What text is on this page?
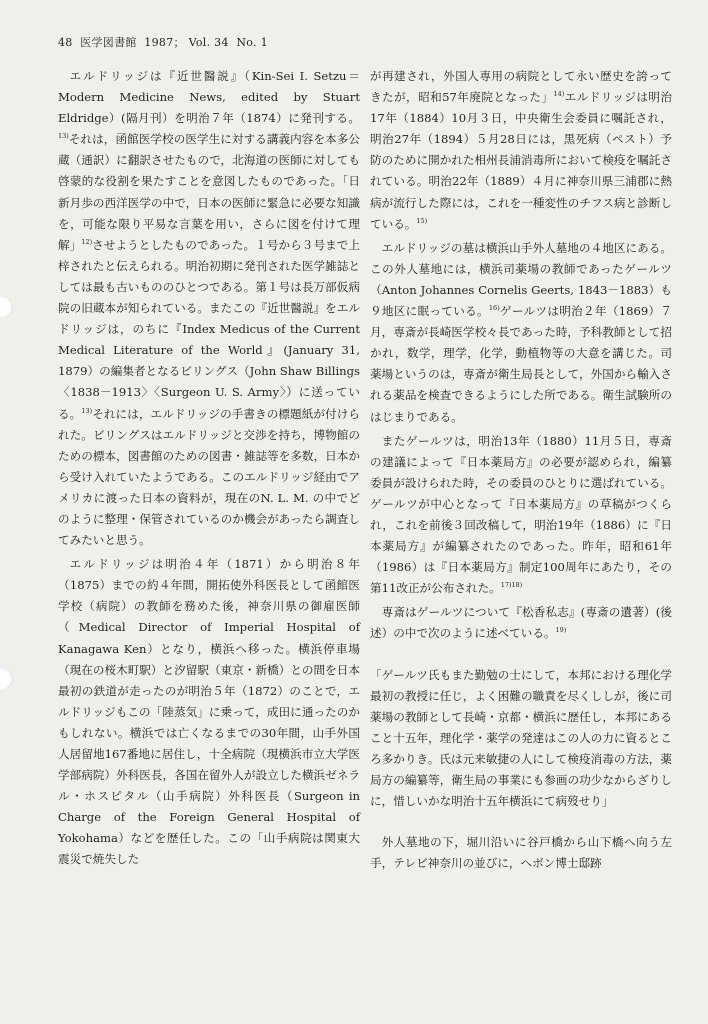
48 医学図書館 1987； Vol. 34 No. 1

エルドリッジは『近世醫説』（Kin-Sei I. Setzu＝Modern Medicine News, edited by Stuart Eldridge）(隔月刊）を明治７年（1874）に発刊する。$^{13)}$それは，函館医学校の医学生に対する講義内容を本多公蔵（通訳）に翻訳させたもので，北海道の医師に対しても啓蒙的な役割を果たすことを意図したものであった。「日新月歩の西洋医学の中で，日本の医師に緊急に必要な知識を，可能な限り平易な言葉を用い，さらに図を付けて理解」$^{12)}$させようとしたものであった。１号から３号まで上梓されたと伝えられる。明治初期に発刊された医学雑誌としては最も古いもののひとつである。第１号は長万部仮病院の旧蔵本が知られている。またこの『近世醫説』をエルドリッジは，のちに『Index Medicus of the Current Medical Literature of the World』(January 31, 1879）の編集者となるビリングス（John Shaw Billings〈1838－1913〉〈Surgeon U. S. Army〉）に送っている。$^{13)}$それには，エルドリッジの手書きの標題紙が付けられた。ビリングスはエルドリッジと交渉を持ち，博物館のための標本，図書館のための図書・雑誌等を多数，日本から受け入れていたようである。このエルドリッジ経由でアメリカに渡った日本の資料が，現在のN. L. M. の中でどのように整理・保管されているのか機会があったら調査してみたいと思う。

エルドリッジは明治４年（1871）から明治８年（1875）までの約４年間，開拓使外科医長として函館医学校（病院）の教師を務めた後，神奈川県の御雇医師（Medical Director of Imperial Hospital of Kanagawa Ken）となり，横浜へ移った。横浜停車場（現在の桜木町駅）と汐留駅（東京・新橋）との間を日本最初の鉄道が走ったのが明治５年（1872）のことで，エルドリッジもこの「陸蒸気」に乗って，成田に通ったのかもしれない。横浜では亡くなるまでの30年間，山手外国人居留地167番地に居住し，十全病院（現横浜市立大学医学部病院）外科医長，各国在留外人が設立した横浜ゼネラル・ホスピタル（山手病院）外科医長（Surgeon in Charge of the Foreign General Hospital of Yokohama）などを歴任した。この「山手病院は関東大震災で焼失した

が再建され，外国人専用の病院として永い歴史を誇ってきたが，昭和57年廃院となった」$^{14)}$エルドリッジは明治17年（1884）10月３日，中央衛生会委員に嘱託され，明治27年（1894）５月28日には，黒死病（ペスト）予防のために開かれた相州長浦消毒所において検疫を嘱託されている。明治22年（1889）４月に神奈川県三浦郡に熱病が流行した際には，これを一種変性のチフス病と診断している。$^{15)}$

エルドリッジの墓は横浜山手外人墓地の４地区にある。この外人墓地には，横浜司薬場の教師であったゲールツ（Anton Johannes Cornelis Geerts, 1843－1883）も９地区に眠っている。$^{16)}$ゲールツは明治２年（1869）７月，専斎が長崎医学校々長であった時，予科教師として招かれ，数学，理学，化学，動植物等の大意を講じた。司薬場というのは，専斎が衛生局長として，外国から輸入される薬品を検査できるようにした所である。衛生試験所のはじまりである。

またゲールツは，明治13年（1880）11月５日，専斎の建議によって『日本薬局方』の必要が認められ，編纂委員が設けられた時，その委員のひとりに選ばれている。ゲールツが中心となって『日本薬局方』の草稿がつくられ，これを前後３回改稿して，明治19年（1886）に『日本薬局方』が編纂されたのであった。昨年，昭和61年（1986）は『日本薬局方』制定100周年にあたり，その第11改正が公布された。$^{17)18)}$

専斎はゲールツについて『松香私志』(専斎の遺著）(後述）の中で次のように述べている。$^{19)}$

「ゲールツ氏もまた勤勉の士にして，本邦における理化学最初の教授に任じ，よく困難の職責を尽くししが，後に司薬場の教師として長崎・京都・横浜に歴任し，本邦にあること十五年，理化学・薬学の発達はこの人の力に資るところ多かりき。氏は元来敏捷の人にして検疫消毒の方法，薬局方の編纂等，衛生局の事業にも参画の功少なからざりしに，惜しいかな明治十五年横浜にて病歿せり」

外人墓地の下，堀川沿いに谷戸橋から山下橋へ向う左手，テレビ神奈川の並びに，ヘボン博士邸跡
